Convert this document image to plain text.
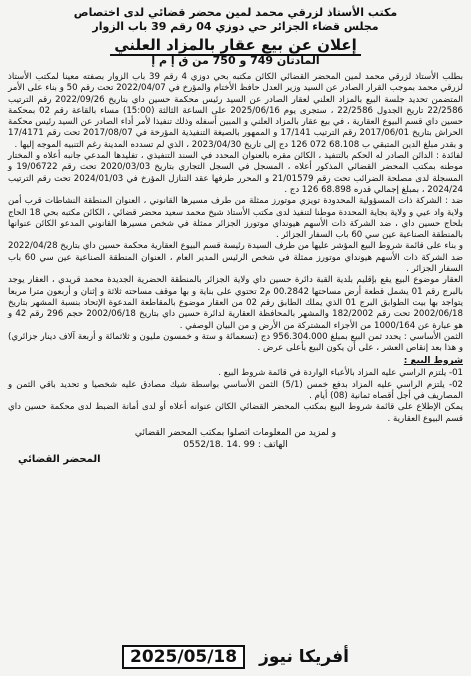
مكتب الأستاذ لزرقي محمد لمين محضر قضائي لدى اختصاص
مجلس قضاء الجزائر حي دوزي 04 رقم 39 باب الزوار
إعلان عن بيع عقار بالمزاد العلني
المادتان 749 و 750 من ق إ م إ

بطلب الأستاذ لزرقي محمد لمين المحضر القضائي الكائن مكتبه بحي دوزي 4 رقم 39 باب الزوار بصفته معينا لمكتب الأستاذ لزرقي محمد بموجب القرار الصادر عن السيد وزير العدل حافظ الأختام والمؤرخ في 2022/04/07 تحت رقم 50 و بناء على الأمر المتضمن تحديد جلسة البيع بالمزاد العلني لعقار الصادر عن السيد رئيس محكمة حسين داي بتاريخ 2022/09/26 رقم الترتيب 22/2586 تاريخ الجدول 22/2586 ، ستجرى يوم 2025/06/16 على الساعة الثالثة (15:00) مساء بالقاعة رقم 02 بمحكمة حسين داي قسم البيوع العقارية ، في بيع عقار بالمزاد العلني و المبين أسفله وذلك تنفيذا لأمر أداء الصادر عن السيد رئيس محكمة الحراش بتاريخ 2017/06/01 رقم الترتيب 17/141 و الممهور بالصيغة التنفيذية المؤرخة في 2017/08/07 تحت رقم 17/4171 و بقدر مبلغ الدين المتبقي ب 68.108 072 126 دج إلى تاريخ 2023/04/30 ، الذي لم تسدده المدينة رغم التنبيه الموجه إليها .

لفائدة : الدائن الصادر له الحكم بالتنفيذ ، الكائن مقره بالعنوان المحدد في السند التنفيذي ، تفليدها المدعي جانبه أعلاه و المختار موطنه بمكتب المحضر القضائي المذكور أعلاه ، المسجل في السجل التجاري بتاريخ 2020/03/03 تحت رقم 19/06722 و المسجلة لدى مصلحة الضرائب تحت رقم 21/01579 و المحرر طرفها عقد التنازل المؤرخ في 2024/01/03 تحت رقم الترتيب 2024/24 ، بمبلغ إجمالي قدره 68.898 126 دج .

ضد : الشركة ذات المسؤولية المحدودة تويزي موتورز ممثلة من طرف مسيرها القانوني ، العنوان المنطقة النشاطات قرب أمن ولاية واد عيي و ولاية بجاية المحددة موطنا لتنفيذ لدى مكتب الأستاذ شيخ محمد سعيد محضر قضائي ، الكائن مكتبه بحي 18 الحاج بلحاج حسين داي ، ضد الشركة ذات الأسهم هيونداي موتورز الجزائر ممثلة في شخص مسيرها القانوني المدعو الكائن عنوانها بالمنطقة الصناعية عين سي 60 باب السفار الجزائر .

و بناء على قائمة شروط البيع المؤشر عليها من طرف السيدة رئيسة قسم البيوع العقارية محكمة حسين داي بتاريخ 2022/04/28 ضد الشركة ذات الأسهم هيونداي موتورز ممثلة في شخص الرئيس المدير العام ، العنوان المنطقة الصناعية عين سي 60 باب السفار الجزائر .

العقار موضوع البيع يقع بإقليم بلدية القبة دائرة حسين داي ولاية الجزائر بالمنطقة الحضرية الجديدة محمد قريدي ، العقار يوجد بالبرج رقم 01 يشمل قطعة أرض مساحتها 00.2842 م2 تحتوي على بناية و بها موقف مساحته ثلاثة و إثنان و أربعون مترا مربعا يتواجد بها بيت الطوابق البرج 01 الذي يملك الطابق رقم 02 من العقار موضوع بالمقاطعة المدعوة الإتحاد بنسبة المشهر بتاريخ 2002/06/18 تحت رقم 182/2002 والمشهر بالمحافظة العقارية لدائرة حسين داي بتاريخ 2002/06/18 حجم 296 رقم 42 و هو عبارة عن 1000/164 من الأجزاء المشتركة من الأرض و من البيان الوصفي .

الثمن الأساسي : يحدد ثمن البيع بمبلغ 956.304.000 دج (تسعمائة و ستة و خمسون مليون و ثلاثمائة و أربعة آلاف دينار جزائري) و هذا بعد إنقاص العشر ، على أن يكون البيع بأعلى عرض .

شروط البيع :

01- يلتزم الراسي عليه المزاد بالأعباء الواردة في قائمة شروط البيع .

02- يلتزم الراسي عليه المزاد بدفع خمس (5/1) الثمن الأساسي بواسطة شيك مصادق عليه شخصيا و تحديد باقي الثمن و المصاريف في أجل أقصاه ثمانية (08) أيام .

يمكن الإطلاع على قائمة شروط البيع بمكتب المحضر القضائي الكائن عنوانه أعلاه أو لدى أمانة الضبط لدى محكمة حسين داي قسم البيوع العقارية .

و لمزيد من المعلومات اتصلوا بمكتب المحضر القضائي
الهاتف : 99 .14 .0552/18
المحضر القضائي
أفريكا نيوز
2025/05/18
